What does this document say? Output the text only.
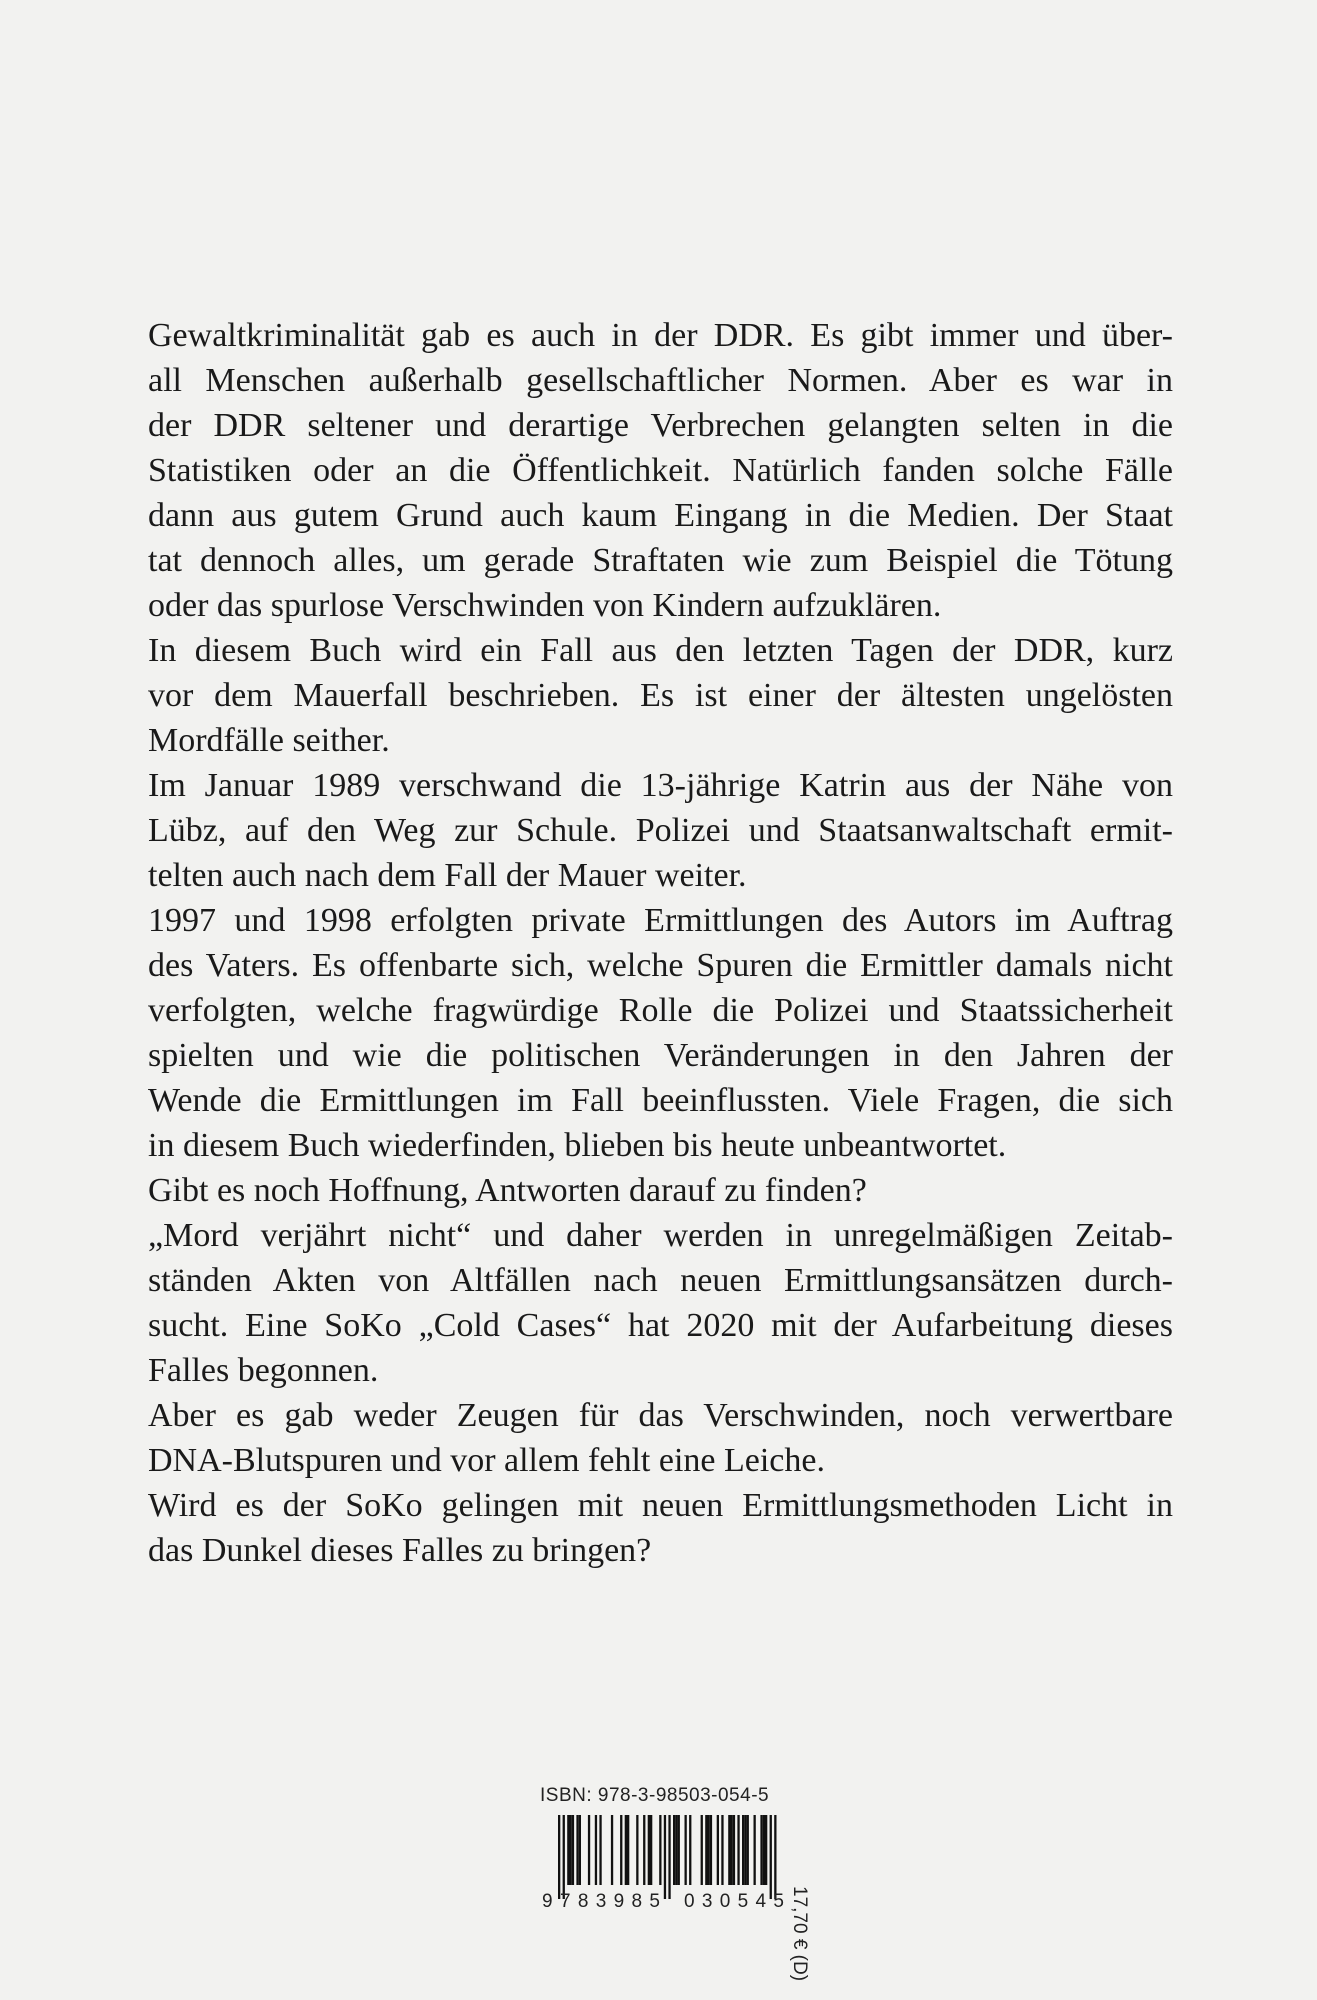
Gewaltkriminalität gab es auch in der DDR. Es gibt immer und über-
all Menschen außerhalb gesellschaftlicher Normen. Aber es war in
der DDR seltener und derartige Verbrechen gelangten selten in die
Statistiken oder an die Öffentlichkeit. Natürlich fanden solche Fälle
dann aus gutem Grund auch kaum Eingang in die Medien. Der Staat
tat dennoch alles, um gerade Straftaten wie zum Beispiel die Tötung
oder das spurlose Verschwinden von Kindern aufzuklären.
In diesem Buch wird ein Fall aus den letzten Tagen der DDR, kurz
vor dem Mauerfall beschrieben. Es ist einer der ältesten ungelösten
Mordfälle seither.
Im Januar 1989 verschwand die 13-jährige Katrin aus der Nähe von
Lübz, auf den Weg zur Schule. Polizei und Staatsanwaltschaft ermit-
telten auch nach dem Fall der Mauer weiter.
1997 und 1998 erfolgten private Ermittlungen des Autors im Auftrag
des Vaters. Es offenbarte sich, welche Spuren die Ermittler damals nicht
verfolgten, welche fragwürdige Rolle die Polizei und Staatssicherheit
spielten und wie die politischen Veränderungen in den Jahren der
Wende die Ermittlungen im Fall beeinflussten. Viele Fragen, die sich
in diesem Buch wiederfinden, blieben bis heute unbeantwortet.
Gibt es noch Hoffnung, Antworten darauf zu finden?
„Mord verjährt nicht“ und daher werden in unregelmäßigen Zeitab-
ständen Akten von Altfällen nach neuen Ermittlungsansätzen durch-
sucht. Eine SoKo „Cold Cases“ hat 2020 mit der Aufarbeitung dieses
Falles begonnen.
Aber es gab weder Zeugen für das Verschwinden, noch verwertbare
DNA-Blutspuren und vor allem fehlt eine Leiche.
Wird es der SoKo gelingen mit neuen Ermittlungsmethoden Licht in
das Dunkel dieses Falles zu bringen?
ISBN: 978-3-98503-054-5
9 783985 030545 17,70 € (D)
